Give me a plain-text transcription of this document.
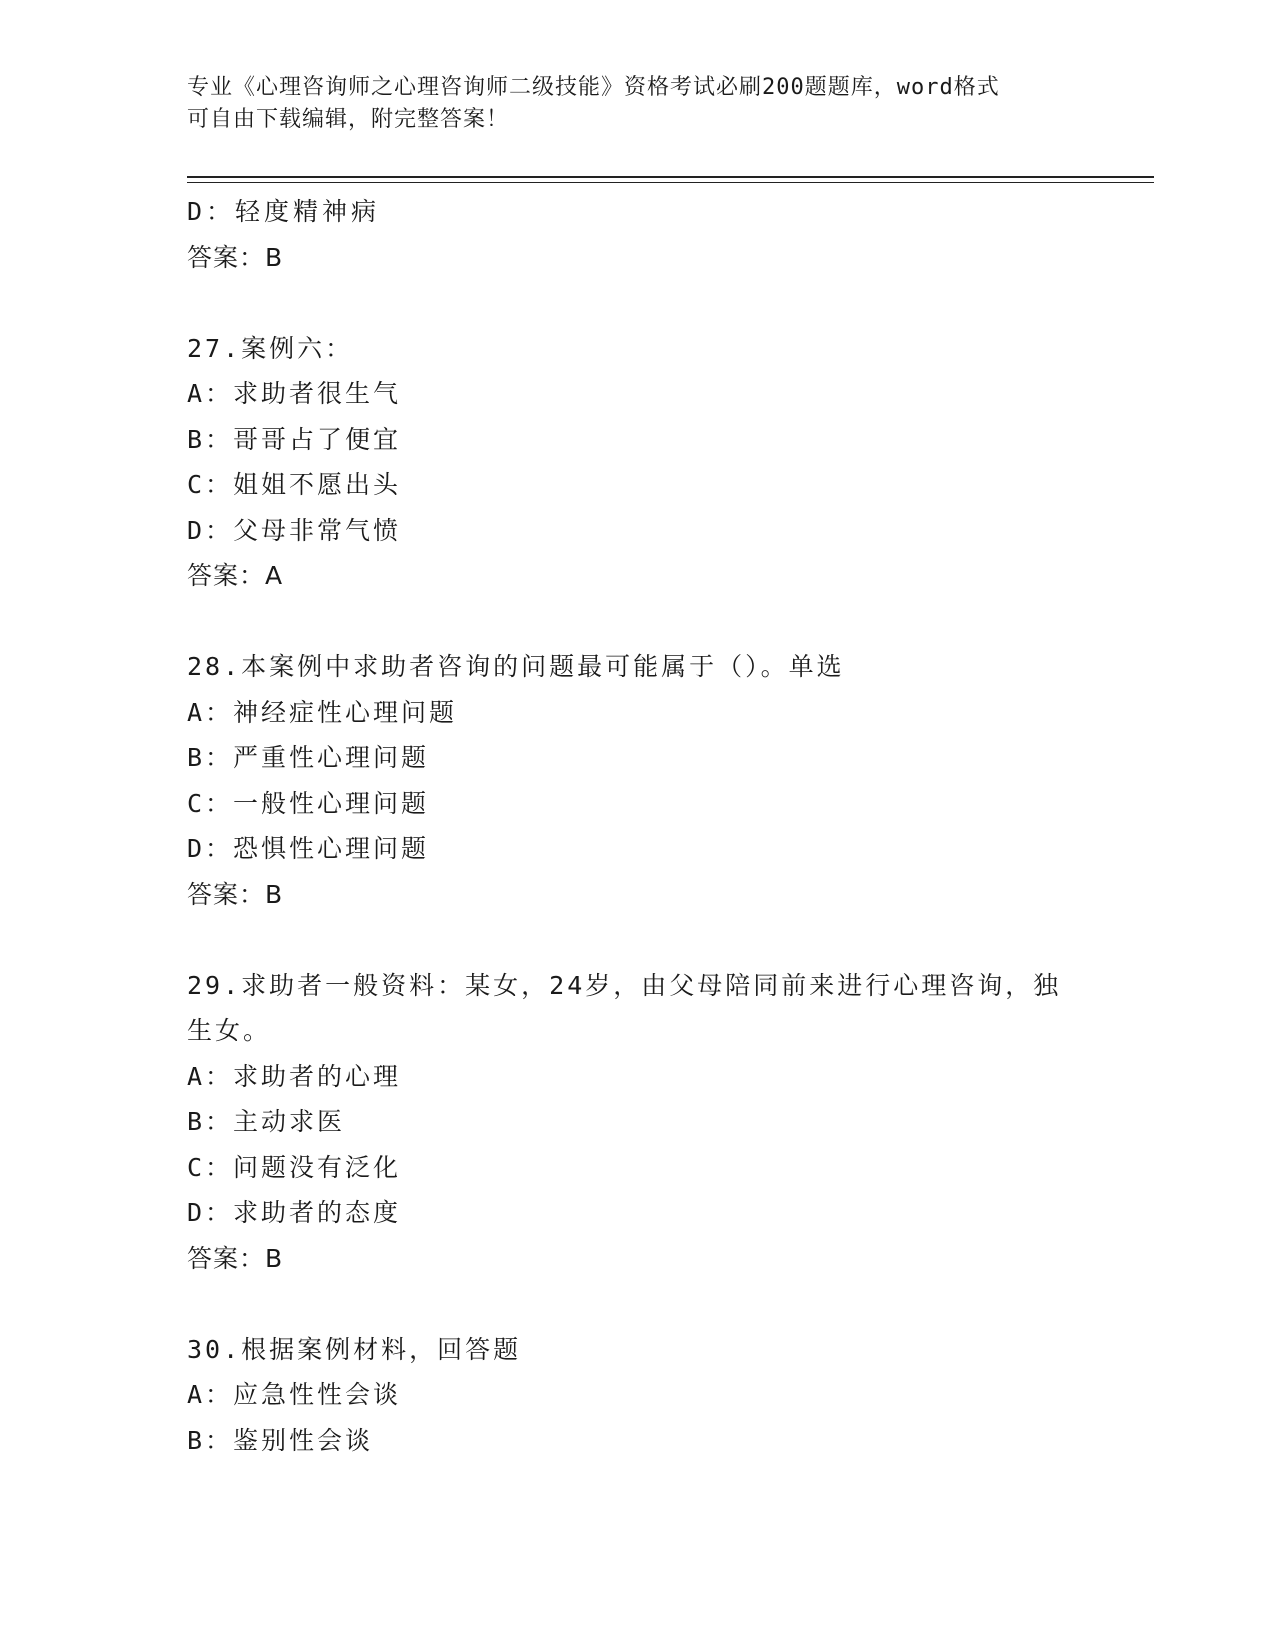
专业《心理咨询师之心理咨询师二级技能》资格考试必刷200题题库，word格式
可自由下载编辑，附完整答案！
D：轻度精神病
答案：B
27.案例六：
A：求助者很生气
B：哥哥占了便宜
C：姐姐不愿出头
D：父母非常气愤
答案：A
28.本案例中求助者咨询的问题最可能属于（）。单选
A：神经症性心理问题
B：严重性心理问题
C：一般性心理问题
D：恐惧性心理问题
答案：B
29.求助者一般资料：某女，24岁，由父母陪同前来进行心理咨询，独
生女。
A：求助者的心理
B：主动求医
C：问题没有泛化
D：求助者的态度
答案：B
30.根据案例材料，回答题
A：应急性性会谈
B：鉴别性会谈
